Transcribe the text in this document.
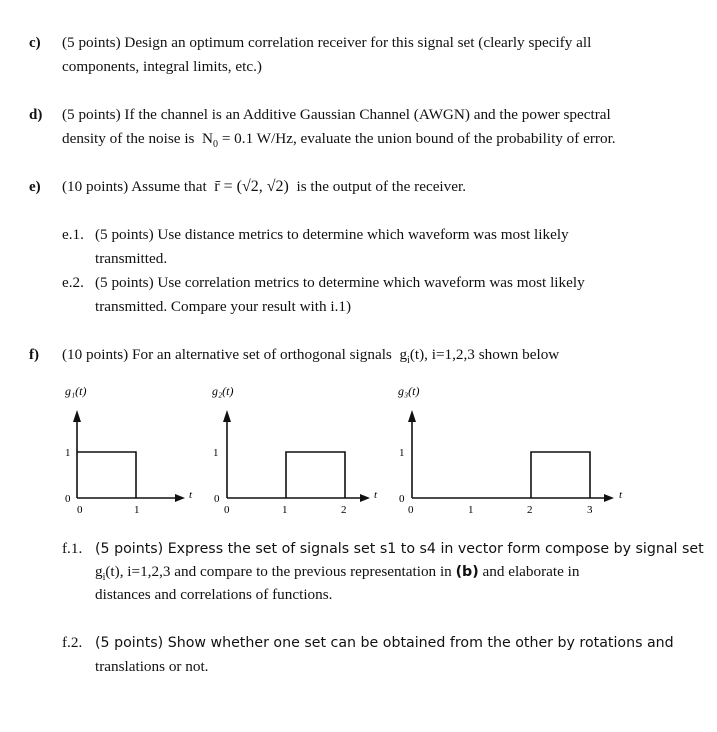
c) (5 points) Design an optimum correlation receiver for this signal set (clearly specify all
components, integral limits, etc.)
d) (5 points) If the channel is an Additive Gaussian Channel (AWGN) and the power spectral
density of the noise is $N_0 = 0.1$ W/Hz, evaluate the union bound of the probability of error.
e) (10 points) Assume that r̄ = (√2, √2) is the output of the receiver.
e.1. (5 points) Use distance metrics to determine which waveform was most likely
transmitted.
e.2. (5 points) Use correlation metrics to determine which waveform was most likely
transmitted. Compare your result with i.1)
f) (10 points) For an alternative set of orthogonal signals $g_i(t)$, i=1,2,3 shown below
g₁(t)
t
1
0
0	1
g₂(t)
t
1
0
0	1	2
g₃(t)
t
1
0
0	1	2	3
f.1. (5 points) Express the set of signals set s1 to s4 in vector form compose by signal set
$g_i(t)$, i=1,2,3 and compare to the previous representation in (b) and elaborate in
distances and correlations of functions.
f.2. (5 points) Show whether one set can be obtained from the other by rotations and
translations or not.
